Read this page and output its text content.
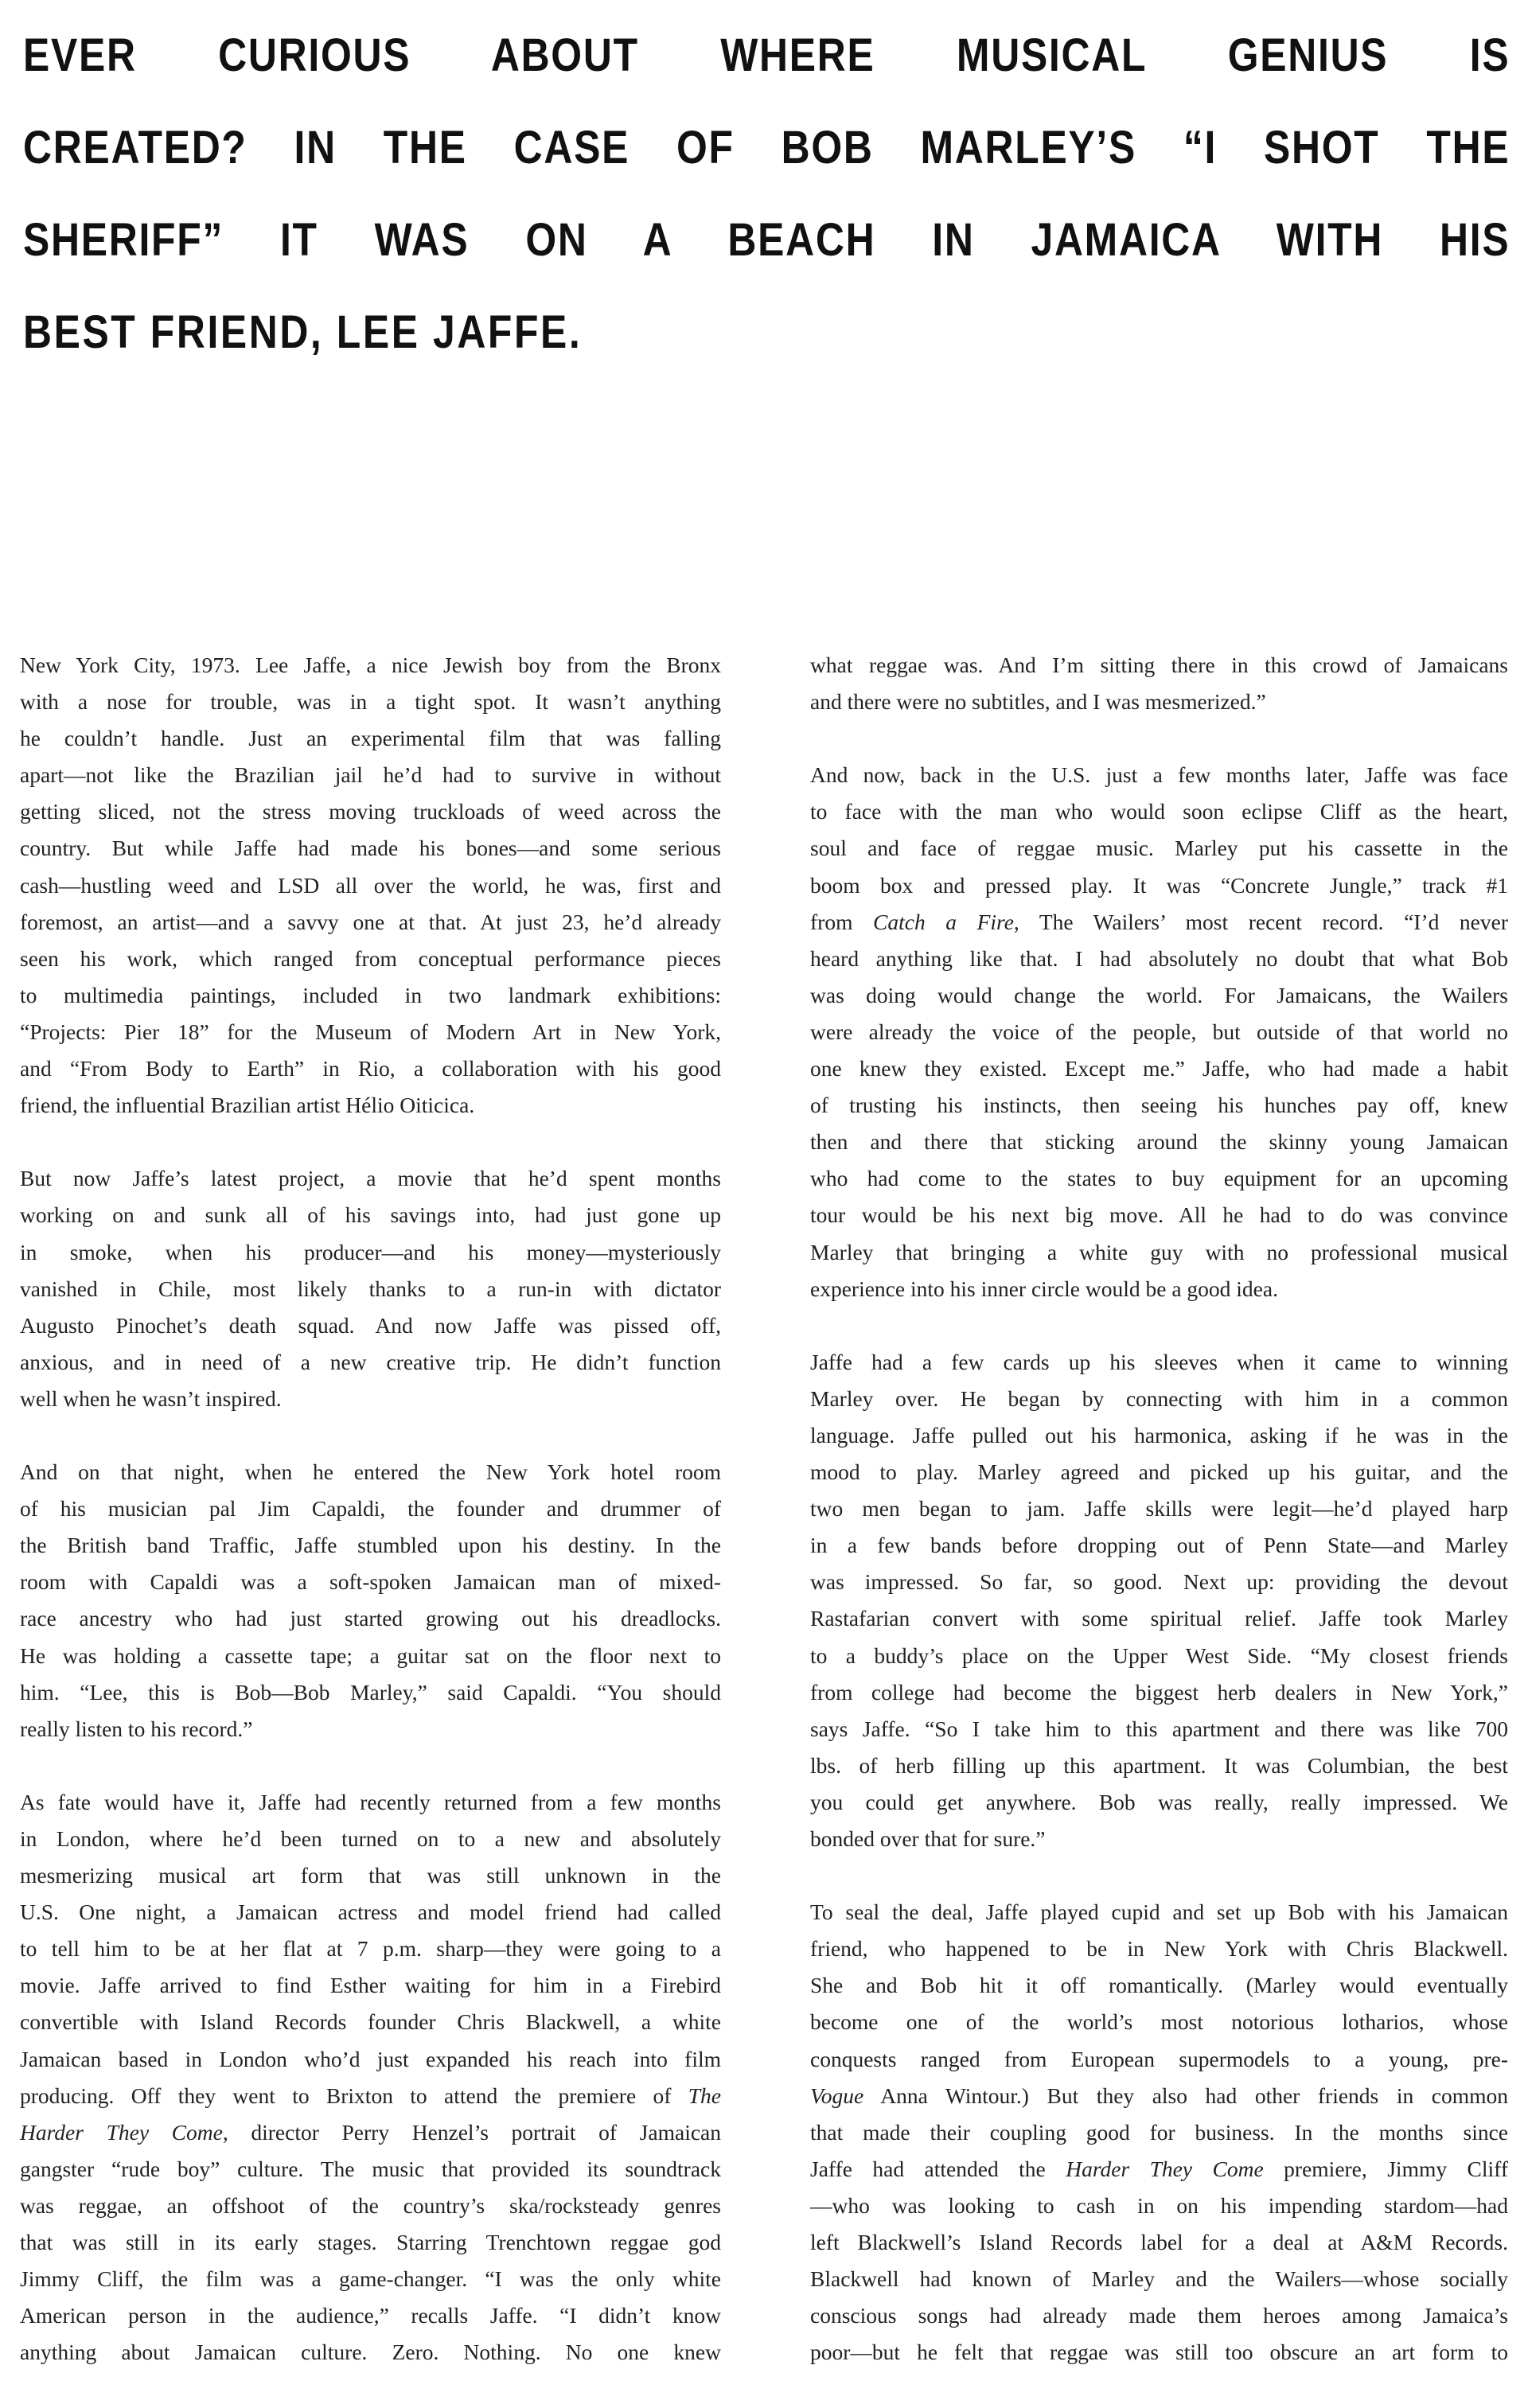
EVER CURIOUS ABOUT WHERE MUSICAL GENIUS IS
CREATED? IN THE CASE OF BOB MARLEY’S “I SHOT THE
SHERIFF” IT WAS ON A BEACH IN JAMAICA WITH HIS
BEST FRIEND, LEE JAFFE.
New York City, 1973. Lee Jaffe, a nice Jewish boy from the Bronx
with a nose for trouble, was in a tight spot. It wasn’t anything
he couldn’t handle. Just an experimental film that was falling
apart—not like the Brazilian jail he’d had to survive in without
getting sliced, not the stress moving truckloads of weed across the
country. But while Jaffe had made his bones—and some serious
cash—hustling weed and LSD all over the world, he was, first and
foremost, an artist—and a savvy one at that. At just 23, he’d already
seen his work, which ranged from conceptual performance pieces
to multimedia paintings, included in two landmark exhibitions:
“Projects: Pier 18” for the Museum of Modern Art in New York,
and “From Body to Earth” in Rio, a collaboration with his good
friend, the influential Brazilian artist Hélio Oiticica.
But now Jaffe’s latest project, a movie that he’d spent months
working on and sunk all of his savings into, had just gone up
in smoke, when his producer—and his money—mysteriously
vanished in Chile, most likely thanks to a run-in with dictator
Augusto Pinochet’s death squad. And now Jaffe was pissed off,
anxious, and in need of a new creative trip. He didn’t function
well when he wasn’t inspired.
And on that night, when he entered the New York hotel room
of his musician pal Jim Capaldi, the founder and drummer of
the British band Traffic, Jaffe stumbled upon his destiny. In the
room with Capaldi was a soft-spoken Jamaican man of mixed-
race ancestry who had just started growing out his dreadlocks.
He was holding a cassette tape; a guitar sat on the floor next to
him. “Lee, this is Bob—Bob Marley,” said Capaldi. “You should
really listen to his record.”
As fate would have it, Jaffe had recently returned from a few months
in London, where he’d been turned on to a new and absolutely
mesmerizing musical art form that was still unknown in the
U.S. One night, a Jamaican actress and model friend had called
to tell him to be at her flat at 7 p.m. sharp—they were going to a
movie. Jaffe arrived to find Esther waiting for him in a Firebird
convertible with Island Records founder Chris Blackwell, a white
Jamaican based in London who’d just expanded his reach into film
producing. Off they went to Brixton to attend the premiere of The
Harder They Come, director Perry Henzel’s portrait of Jamaican
gangster “rude boy” culture. The music that provided its soundtrack
was reggae, an offshoot of the country’s ska/rocksteady genres
that was still in its early stages. Starring Trenchtown reggae god
Jimmy Cliff, the film was a game-changer. “I was the only white
American person in the audience,” recalls Jaffe. “I didn’t know
anything about Jamaican culture. Zero. Nothing. No one knew
what reggae was. And I’m sitting there in this crowd of Jamaicans
and there were no subtitles, and I was mesmerized.”
And now, back in the U.S. just a few months later, Jaffe was face
to face with the man who would soon eclipse Cliff as the heart,
soul and face of reggae music. Marley put his cassette in the
boom box and pressed play. It was “Concrete Jungle,” track #1
from Catch a Fire, The Wailers’ most recent record. “I’d never
heard anything like that. I had absolutely no doubt that what Bob
was doing would change the world. For Jamaicans, the Wailers
were already the voice of the people, but outside of that world no
one knew they existed. Except me.” Jaffe, who had made a habit
of trusting his instincts, then seeing his hunches pay off, knew
then and there that sticking around the skinny young Jamaican
who had come to the states to buy equipment for an upcoming
tour would be his next big move. All he had to do was convince
Marley that bringing a white guy with no professional musical
experience into his inner circle would be a good idea.
Jaffe had a few cards up his sleeves when it came to winning
Marley over. He began by connecting with him in a common
language. Jaffe pulled out his harmonica, asking if he was in the
mood to play. Marley agreed and picked up his guitar, and the
two men began to jam. Jaffe skills were legit—he’d played harp
in a few bands before dropping out of Penn State—and Marley
was impressed. So far, so good. Next up: providing the devout
Rastafarian convert with some spiritual relief. Jaffe took Marley
to a buddy’s place on the Upper West Side. “My closest friends
from college had become the biggest herb dealers in New York,”
says Jaffe. “So I take him to this apartment and there was like 700
lbs. of herb filling up this apartment. It was Columbian, the best
you could get anywhere. Bob was really, really impressed. We
bonded over that for sure.”
To seal the deal, Jaffe played cupid and set up Bob with his Jamaican
friend, who happened to be in New York with Chris Blackwell.
She and Bob hit it off romantically. (Marley would eventually
become one of the world’s most notorious lotharios, whose
conquests ranged from European supermodels to a young, pre-
Vogue Anna Wintour.) But they also had other friends in common
that made their coupling good for business. In the months since
Jaffe had attended the Harder They Come premiere, Jimmy Cliff
—who was looking to cash in on his impending stardom—had
left Blackwell’s Island Records label for a deal at A&M Records.
Blackwell had known of Marley and the Wailers—whose socially
conscious songs had already made them heroes among Jamaica’s
poor—but he felt that reggae was still too obscure an art form to
